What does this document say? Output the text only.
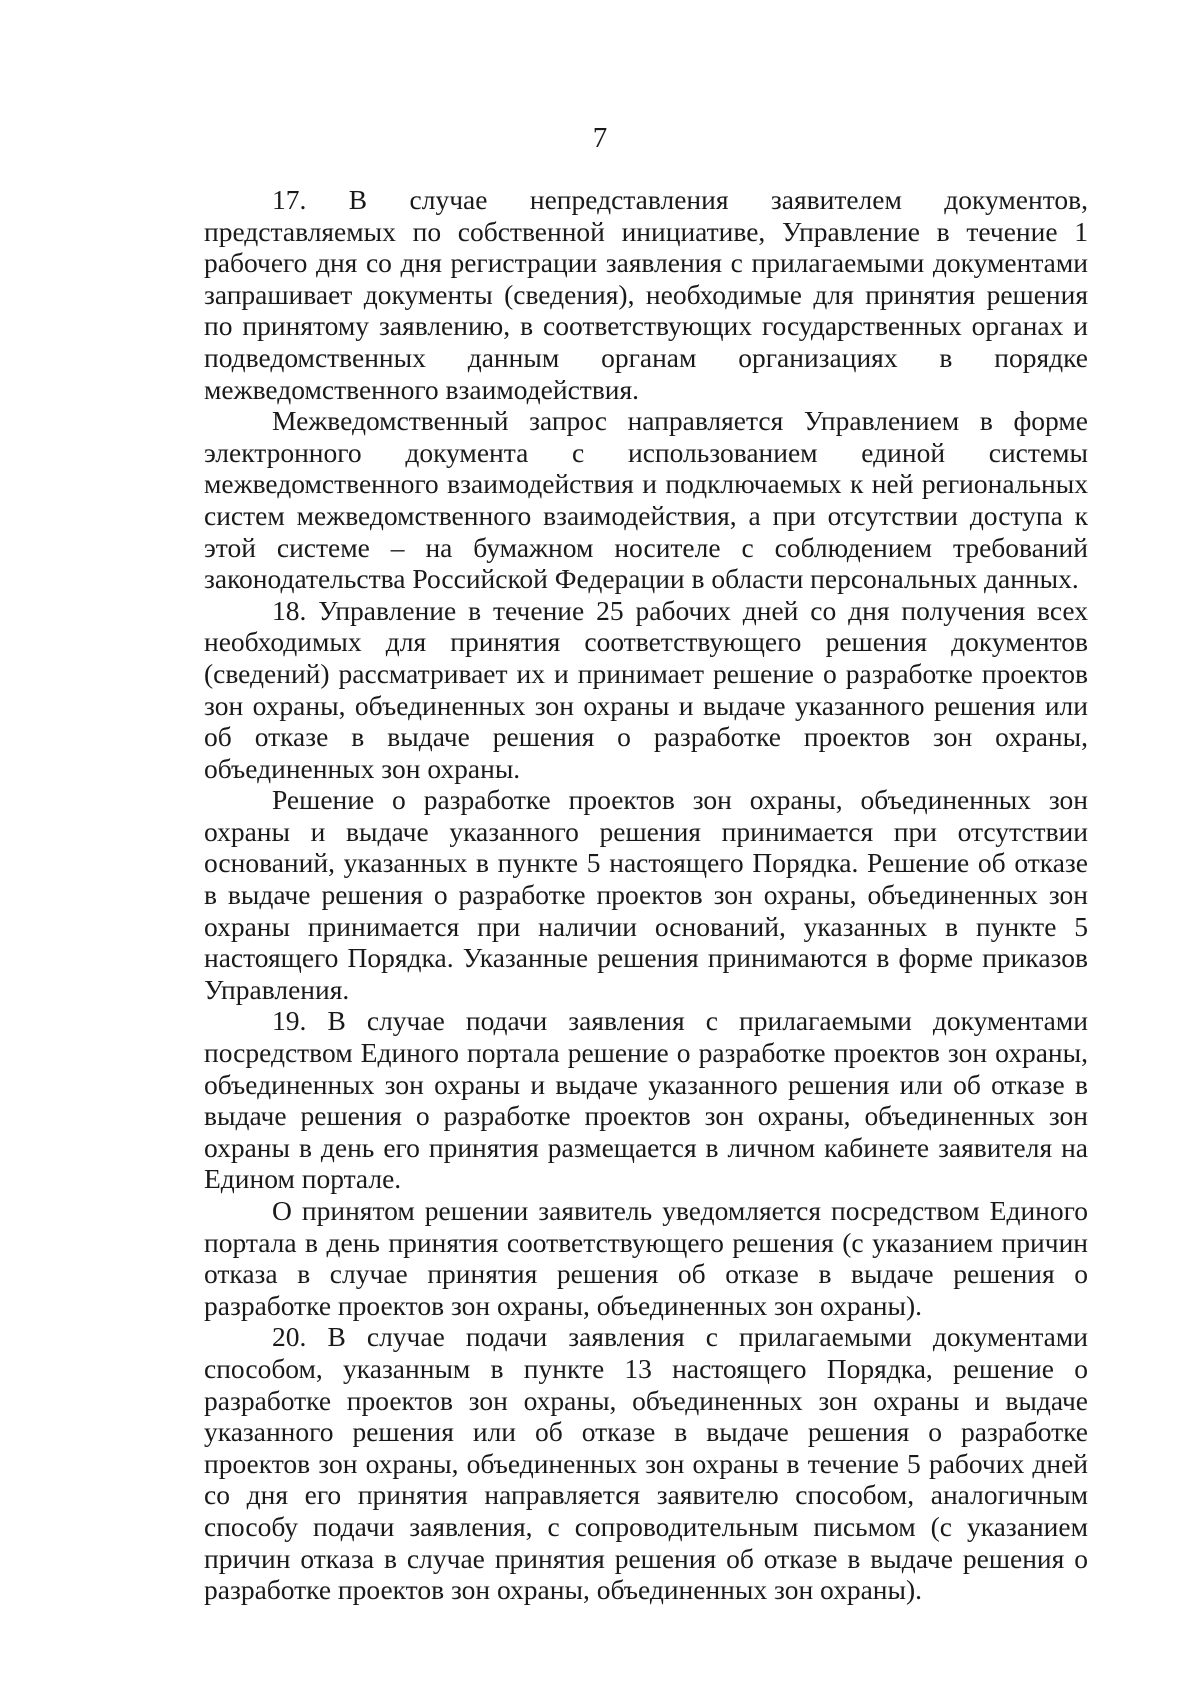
7

17. В случае непредставления заявителем документов, представляемых по собственной инициативе, Управление в течение 1 рабочего дня со дня регистрации заявления с прилагаемыми документами запрашивает документы (сведения), необходимые для принятия решения по принятому заявлению, в соответствующих государственных органах и подведомственных данным органам организациях в порядке межведомственного взаимодействия.

Межведомственный запрос направляется Управлением в форме электронного документа с использованием единой системы межведомственного взаимодействия и подключаемых к ней региональных систем межведомственного взаимодействия, а при отсутствии доступа к этой системе – на бумажном носителе с соблюдением требований законодательства Российской Федерации в области персональных данных.

18. Управление в течение 25 рабочих дней со дня получения всех необходимых для принятия соответствующего решения документов (сведений) рассматривает их и принимает решение о разработке проектов зон охраны, объединенных зон охраны и выдаче указанного решения или об отказе в выдаче решения о разработке проектов зон охраны, объединенных зон охраны.

Решение о разработке проектов зон охраны, объединенных зон охраны и выдаче указанного решения принимается при отсутствии оснований, указанных в пункте 5 настоящего Порядка. Решение об отказе в выдаче решения о разработке проектов зон охраны, объединенных зон охраны принимается при наличии оснований, указанных в пункте 5 настоящего Порядка. Указанные решения принимаются в форме приказов Управления.

19. В случае подачи заявления с прилагаемыми документами посредством Единого портала решение о разработке проектов зон охраны, объединенных зон охраны и выдаче указанного решения или об отказе в выдаче решения о разработке проектов зон охраны, объединенных зон охраны в день его принятия размещается в личном кабинете заявителя на Едином портале.

О принятом решении заявитель уведомляется посредством Единого портала в день принятия соответствующего решения (с указанием причин отказа в случае принятия решения об отказе в выдаче решения о разработке проектов зон охраны, объединенных зон охраны).

20. В случае подачи заявления с прилагаемыми документами способом, указанным в пункте 13 настоящего Порядка, решение о разработке проектов зон охраны, объединенных зон охраны и выдаче указанного решения или об отказе в выдаче решения о разработке проектов зон охраны, объединенных зон охраны в течение 5 рабочих дней со дня его принятия направляется заявителю способом, аналогичным способу подачи заявления, с сопроводительным письмом (с указанием причин отказа в случае принятия решения об отказе в выдаче решения о разработке проектов зон охраны, объединенных зон охраны).
